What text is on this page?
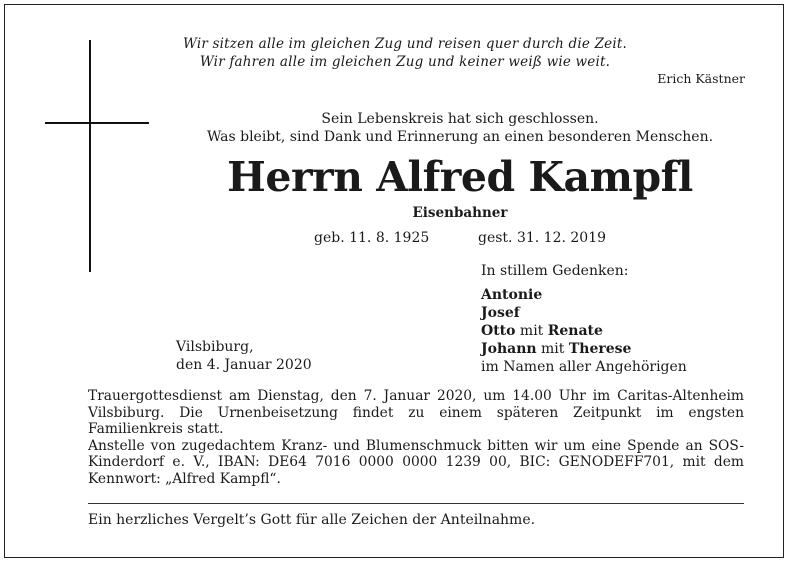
Wir sitzen alle im gleichen Zug und reisen quer durch die Zeit.
Wir fahren alle im gleichen Zug und keiner weiß wie weit.
Erich Kästner
Sein Lebenskreis hat sich geschlossen.
Was bleibt, sind Dank und Erinnerung an einen besonderen Menschen.
Herrn Alfred Kampfl
Eisenbahner
geb. 11. 8. 1925	gest. 31. 12. 2019
In stillem Gedenken:
Antonie
Josef
Otto mit Renate
Johann mit Therese
im Namen aller Angehörigen
Vilsbiburg,
den 4. Januar 2020

Trauergottesdienst am Dienstag, den 7. Januar 2020, um 14.00 Uhr im Caritas-Altenheim Vilsbiburg. Die Urnenbeisetzung findet zu einem späteren Zeitpunkt im engsten Familienkreis statt.

Anstelle von zugedachtem Kranz- und Blumenschmuck bitten wir um eine Spende an SOS-Kinderdorf e. V., IBAN: DE64 7016 0000 0000 1239 00, BIC: GENODEFF701, mit dem Kennwort: „Alfred Kampfl“.

Ein herzliches Vergelt’s Gott für alle Zeichen der Anteilnahme.
